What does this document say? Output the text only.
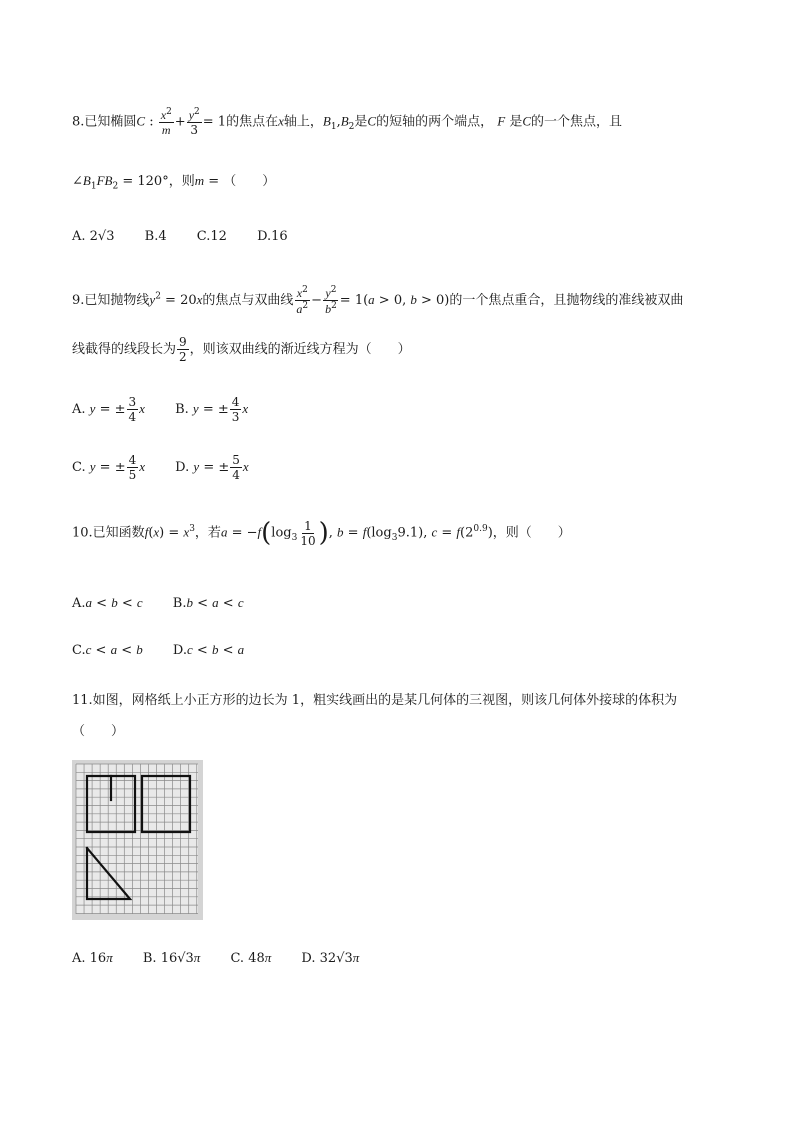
8.已知椭圆C : $\frac{x^2}{m} + \frac{y^2}{3} = 1$的焦点在x轴上，$B_1,B_2$是C的短轴的两个端点， F 是C的一个焦点，且
$\angle B_1FB_2 = 120^\circ$，则m = （　　）
A. 2√3 B.4 C.12 D.16
9.已知抛物线$y^2 = 20x$的焦点与双曲线 $\frac{x^2}{a^2} - \frac{y^2}{b^2} = 1(a > 0$, b > 0)的一个焦点重合，且抛物线的准线被双曲
线截得的线段长为 $\frac{9}{2}$ ，则该双曲线的渐近线方程为（　　）
A. y = ± $\frac{3}{4}$ x B. y = ± $\frac{4}{3}$ x
C. y = ± $\frac{4}{5}$ x D. y = ± $\frac{5}{4}$ x
10.已知函数$f(x) = x^3$，若$a = -f(\log_3 \frac{1}{10}$ ), $b = f(\log_39.1)$, $c = f(2^{0.9})$，则（　　）
A.a < b < c B.b < a < c
C.c < a < b D.c < b < a
11.如图，网格纸上小正方形的边长为 1，粗实线画出的是某几何体的三视图，则该几何体外接球的体积为
（　　）
A. 16π B. 16√3π C. 48π D. 32√3π
